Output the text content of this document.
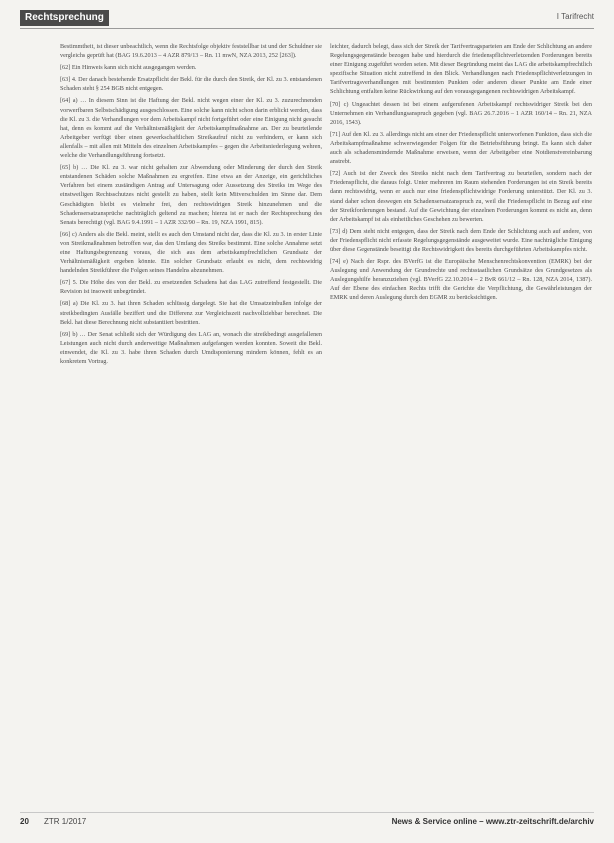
Rechtsprechung	I Tarifrecht

Bestimmtheit, ist dieser unbeachtlich, wenn die Rechtsfolge objektiv feststellbar ist und der Schuldner sie vergleichs geprüft hat (BAG 19.6.2013 – 4 AZR 879/13 – Rn. 11 mwN, NZA 2013, 252 [263]).

[62] Ein Hinweis kann sich nicht ausgegangen werden.

[63] 4. Der danach bestehende Ersatzpflicht der Bekl. für die durch den Streik, der Kl. zu 3. entstandenen Schaden steht § 254 BGB nicht entgegen.

[64] a) … In diesem Sinn ist die Haftung der Bekl. nicht wegen einer der Kl. zu 3. zuzurechnenden vorwerfbaren Selbstschädigung ausgeschlossen. Eine solche kann nicht schon darin erblickt werden, dass die Kl. zu 3. die Verhandlungen vor dem Arbeitskampf nicht fortgeführt oder eine Einigung nicht gesucht hat, denn es kommt auf die Verhältnismäßigkeit der Arbeitskampfmaßnahme an. Der zu beurteilende Arbeitgeber verfügt über einen gewerkschaftlichen Streikaufruf nicht zu verhindern, er kann sich allenfalls – mit allen mit Mitteln des einzelnen Arbeitskampfes – gegen die Arbeitsniederlegung wehren, welche die Verhandlungsführung fortsetzt.

[65] b) … Die Kl. zu 3. war nicht gehalten zur Abwendung oder Minderung der durch den Streik entstandenen Schäden solche Maßnahmen zu ergreifen. Eine etwa an der Anzeige, ein gerichtliches Verfahren bei einem zuständigen Antrag auf Untersagung oder Aussetzung des Streiks im Wege des einstweiligen Rechtsschutzes nicht gestellt zu haben, stellt kein Mitverschulden im Sinne dar. Dem Geschädigten bleibt es vielmehr frei, den rechtswidrigen Streik hinzunehmen und die Schadensersatzansprüche nachträglich geltend zu machen; hierzu ist er nach der Rechtsprechung des Senats berechtigt (vgl. BAG 9.4.1991 – 1 AZR 332/90 – Rn. 19, NZA 1991, 815).

[66] c) Anders als die Bekl. meint, stellt es auch den Umstand nicht dar, dass die Kl. zu 3. in erster Linie von Streikmaßnahmen betroffen war, das den Umfang des Streiks bestimmt. Eine solche Annahme setzt eine Haftungsbegrenzung voraus, die sich aus dem arbeitskampfrechtlichen Grundsatz der Verhältnismäßigkeit ergeben könnte. Ein solcher Grundsatz erlaubt es nicht, dem rechtswidrig handelnden Streikführer die Folgen seines Handelns abzunehmen.

[67] 5. Die Höhe des von der Bekl. zu ersetzenden Schadens hat das LAG zutreffend festgestellt. Die Revision ist insoweit unbegründet.

[68] a) Die Kl. zu 3. hat ihren Schaden schlüssig dargelegt. Sie hat die Umsatzeinbußen infolge der streikbedingten Ausfälle beziffert und die Differenz zur Vergleichszeit nachvollziehbar berechnet. Die Bekl. hat diese Berechnung nicht substantiiert bestritten.

[69] b) … Der Senat schließt sich der Würdigung des LAG an, wonach die streikbedingt ausgefallenen Leistungen auch nicht durch anderweitige Maßnahmen aufgefangen werden konnten. Soweit die Bekl. einwendet, die Kl. zu 3. habe ihren Schaden durch Umdisponierung mindern können, fehlt es an konkretem Vortrag.

leichter, dadurch belegt, dass sich der Streik der Tarifvertragsparteien am Ende der Schlichtung an andere Regelungsgegenstände bezogen habe und hierdurch die friedenspflichtverletzenden Forderungen bereits einer Einigung zugeführt worden seien. Mit dieser Begründung meint das LAG die arbeitskampfrechtlich spezifische Situation nicht zutreffend in den Blick. Verhandlungen nach Friedenspflichtverletzungen in Tarifvertragsverhandlungen mit bestimmten Punkten oder anderen dieser Punkte am Ende einer Schlichtung entfalten keine Rückwirkung auf den vorausgegangenen rechtswidrigen Arbeitskampf.

[70] c) Ungeachtet dessen ist bei einem aufgerufenen Arbeitskampf rechtswidriger Streik bei den Unternehmen ein Verhandlungsanspruch gegeben (vgl. BAG 26.7.2016 – 1 AZR 160/14 – Rn. 21, NZA 2016, 1543).

[71] Auf den Kl. zu 3. allerdings nicht am einer der Friedenspflicht unterworfenen Funktion, dass sich die Arbeitskampfmaßnahme schwerwiegender Folgen für die Betriebsführung bringt. Es kann sich daher auch als schadensmindernde Maßnahme erweisen, wenn der Arbeitgeber eine Notdienstvereinbarung anstrebt.

[72] Auch ist der Zweck des Streiks nicht nach dem Tarifvertrag zu beurteilen, sondern nach der Friedenspflicht, die daraus folgt. Unter mehreren im Raum stehenden Forderungen ist ein Streik bereits dann rechtswidrig, wenn er auch nur eine friedenspflichtwidrige Forderung unterstützt. Der Kl. zu 3. stand daher schon deswegen ein Schadensersatzanspruch zu, weil die Friedenspflicht in Bezug auf eine der Streikforderungen bestand. Auf die Gewichtung der einzelnen Forderungen kommt es nicht an, denn der Arbeitskampf ist als einheitliches Geschehen zu bewerten.

[73] d) Dem steht nicht entgegen, dass der Streik nach dem Ende der Schlichtung auch auf andere, von der Friedenspflicht nicht erfasste Regelungsgegenstände ausgeweitet wurde. Eine nachträgliche Einigung über diese Gegenstände beseitigt die Rechtswidrigkeit des bereits durchgeführten Arbeitskampfes nicht.

[74] e) Nach der Rspr. des BVerfG ist die Europäische Menschenrechtskonvention (EMRK) bei der Auslegung und Anwendung der Grundrechte und rechtsstaatlichen Grundsätze des Grundgesetzes als Auslegungshilfe heranzuziehen (vgl. BVerfG 22.10.2014 – 2 BvR 661/12 – Rn. 128, NZA 2014, 1387). Auf der Ebene des einfachen Rechts trifft die Gerichte die Verpflichtung, die Gewährleistungen der EMRK und deren Auslegung durch den EGMR zu berücksichtigen.

20 ZTR 1/2017	News & Service online – www.ztr-zeitschrift.de/archiv
